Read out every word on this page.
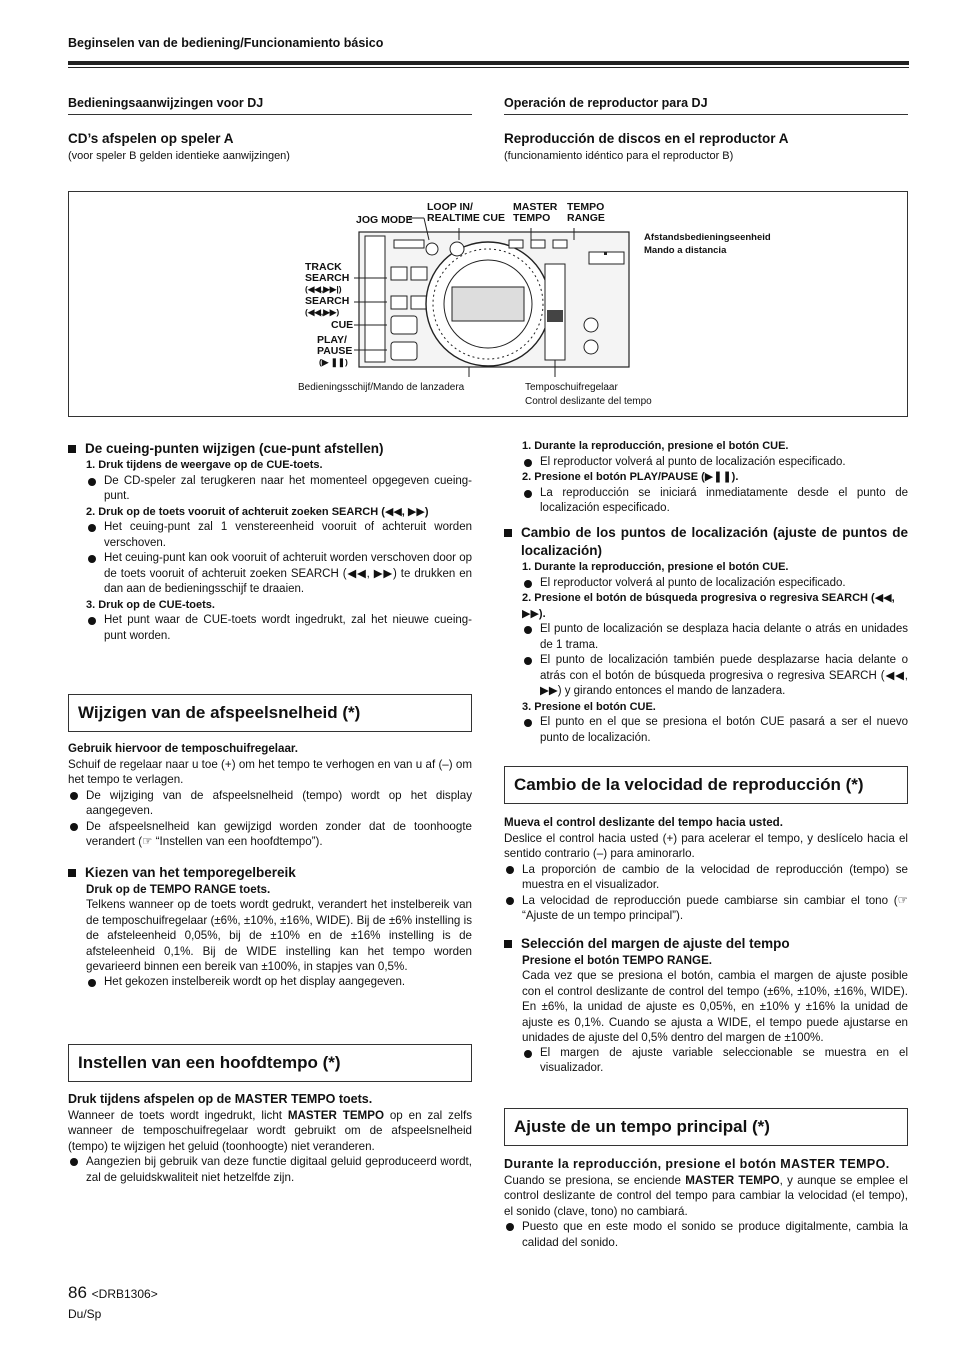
Beginselen van de bediening/Funcionamiento básico
Bedieningsaanwijzingen voor DJ
CD’s afspelen op speler A
(voor speler B gelden identieke aanwijzingen)
Operación de reproductor para DJ
Reproducción de discos en el reproductor A
(funcionamiento idéntico para el reproductor B)
LOOP IN/
REALTIME CUE
MASTER
TEMPO
TEMPO
RANGE
JOG MODE
Afstandsbedieningseenheid
Mando a distancia
TRACK
SEARCH
(◀◀,▶▶|)
SEARCH
(◀◀,▶▶)
CUE
PLAY/
PAUSE
(▶ ❚❚)
Bedieningsschijf/Mando de lanzadera	Temposchuifregelaar
Control deslizante del tempo
De cueing-punten wijzigen (cue-punt afstellen)
1. Druk tijdens de weergave op de CUE-toets.
De CD-speler zal terugkeren naar het momenteel opgegeven cueing-punt.
2. Druk op de toets vooruit of achteruit zoeken SEARCH (◀◀, ▶▶)
Het ceuing-punt zal 1 venstereenheid vooruit of achteruit worden verschoven.
Het ceuing-punt kan ook vooruit of achteruit worden verschoven door op de toets vooruit of achteruit zoeken SEARCH (◀◀, ▶▶) te drukken en dan aan de bedieningsschijf te draaien.
3. Druk op de CUE-toets.
Het punt waar de CUE-toets wordt ingedrukt, zal het nieuwe cueing-punt worden.
Wijzigen van de afspeelsnelheid (*)
Gebruik hiervoor de temposchuifregelaar.
Schuif de regelaar naar u toe (+) om het tempo te verhogen en van u af (–) om het tempo te verlagen.
De wijziging van de afspeelsnelheid (tempo) wordt op het display aangegeven.
De afspeelsnelheid kan gewijzigd worden zonder dat de toonhoogte verandert (☞ “Instellen van een hoofdtempo”).
Kiezen van het temporegelbereik
Druk op de TEMPO RANGE toets.
Telkens wanneer op de toets wordt gedrukt, verandert het instelbereik van de temposchuifregelaar (±6%, ±10%, ±16%, WIDE). Bij de ±6% instelling is de afsteleenheid 0,05%, bij de ±10% en de ±16% instelling is de afsteleenheid 0,1%. Bij de WIDE instelling kan het tempo worden gevarieerd binnen een bereik van ±100%, in stapjes van 0,5%.
Het gekozen instelbereik wordt op het display aangegeven.
Instellen van een hoofdtempo (*)
Druk tijdens afspelen op de MASTER TEMPO toets.
Wanneer de toets wordt ingedrukt, licht MASTER TEMPO op en zal zelfs wanneer de temposchuifregelaar wordt gebruikt om de afspeelsnelheid (tempo) te wijzigen het geluid (toonhoogte) niet veranderen.
Aangezien bij gebruik van deze functie digitaal geluid geproduceerd wordt, zal de geluidskwaliteit niet hetzelfde zijn.
1. Durante la reproducción, presione el botón CUE.
El reproductor volverá al punto de localización especificado.
2. Presione el botón PLAY/PAUSE (▶❚❚).
La reproducción se iniciará inmediatamente desde el punto de localización especificado.
Cambio de los puntos de localización (ajuste de puntos de localización)
1. Durante la reproducción, presione el botón CUE.
El reproductor volverá al punto de localización especificado.
2. Presione el botón de búsqueda progresiva o regresiva SEARCH (◀◀, ▶▶).
El punto de localización se desplaza hacia delante o atrás en unidades de 1 trama.
El punto de localización también puede desplazarse hacia delante o atrás con el botón de búsqueda progresiva o regresiva SEARCH (◀◀, ▶▶) y girando entonces el mando de lanzadera.
3. Presione el botón CUE.
El punto en el que se presiona el botón CUE pasará a ser el nuevo punto de localización.
Cambio de la velocidad de reproducción (*)
Mueva el control deslizante del tempo hacia usted.
Deslice el control hacia usted (+) para acelerar el tempo, y deslícelo hacia el sentido contrario (–) para aminorarlo.
La proporción de cambio de la velocidad de reproducción (tempo) se muestra en el visualizador.
La velocidad de reproducción puede cambiarse sin cambiar el tono (☞ “Ajuste de un tempo principal”).
Selección del margen de ajuste del tempo
Presione el botón TEMPO RANGE.
Cada vez que se presiona el botón, cambia el margen de ajuste posible con el control deslizante de control del tempo (±6%, ±10%, ±16%, WIDE). En ±6%, la unidad de ajuste es 0,05%, en ±10% y ±16% la unidad de ajuste es 0,1%. Cuando se ajusta a WIDE, el tempo puede ajustarse en unidades de ajuste del 0,5% dentro del margen de ±100%.
El margen de ajuste variable seleccionable se muestra en el visualizador.
Ajuste de un tempo principal (*)
Durante la reproducción, presione el botón MASTER TEMPO.
Cuando se presiona, se enciende MASTER TEMPO, y aunque se emplee el control deslizante de control del tempo para cambiar la velocidad (el tempo), el sonido (clave, tono) no cambiará.
Puesto que en este modo el sonido se produce digitalmente, cambia la calidad del sonido.
86 <DRB1306>
Du/Sp
